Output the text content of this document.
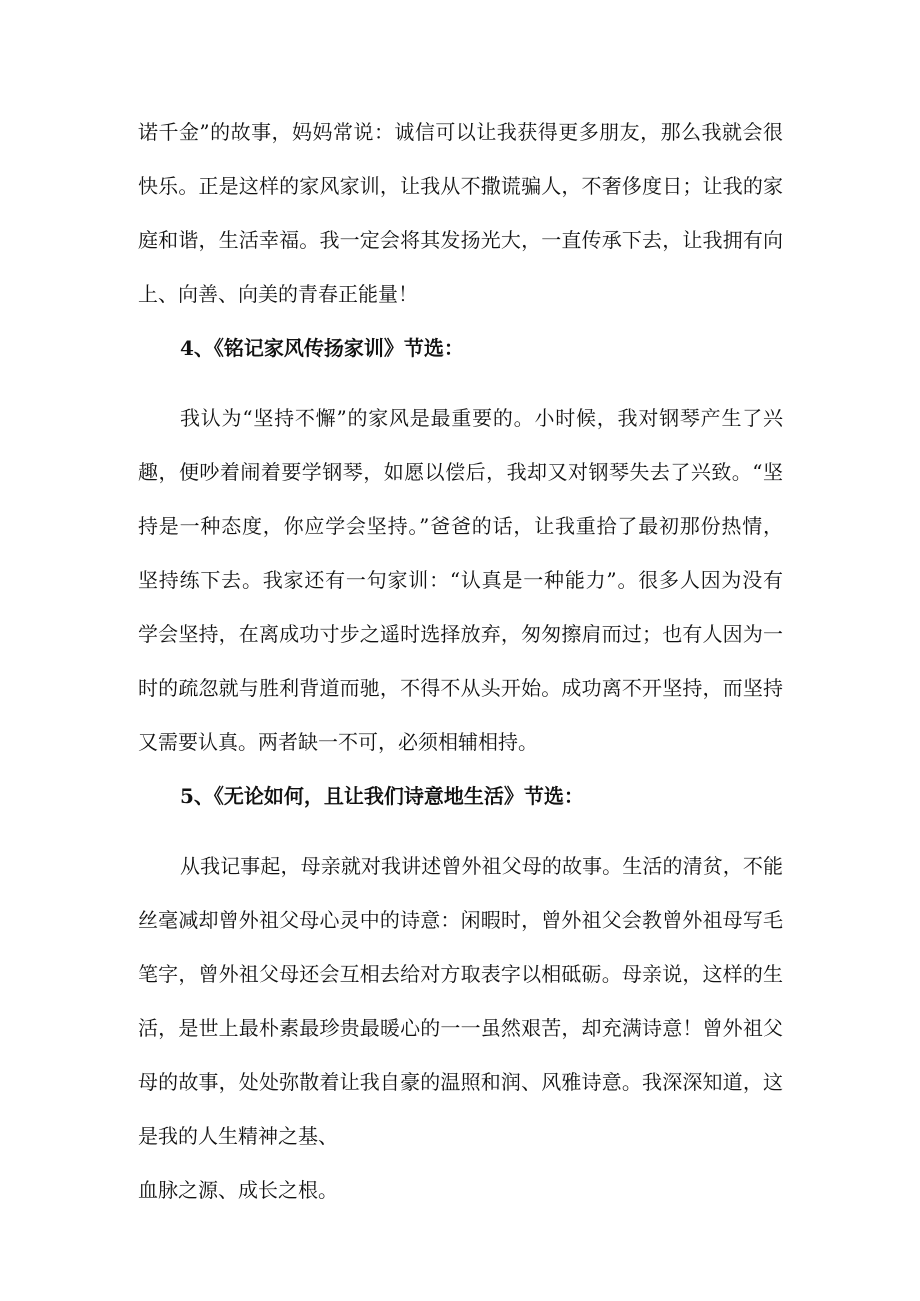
诺千金”的故事，妈妈常说：诚信可以让我获得更多朋友，那么我就会很
快乐。正是这样的家风家训，让我从不撒谎骗人，不奢侈度日；让我的家
庭和谐，生活幸福。我一定会将其发扬光大，一直传承下去，让我拥有向
上、向善、向美的青春正能量！
4、《铭记家风传扬家训》节选：
我认为“坚持不懈”的家风是最重要的。小时候，我对钢琴产生了兴
趣，便吵着闹着要学钢琴，如愿以偿后，我却又对钢琴失去了兴致。“坚
持是一种态度，你应学会坚持。”爸爸的话，让我重拾了最初那份热情，
坚持练下去。我家还有一句家训：“认真是一种能力”。很多人因为没有
学会坚持，在离成功寸步之遥时选择放弃，匆匆擦肩而过；也有人因为一
时的疏忽就与胜利背道而驰，不得不从头开始。成功离不开坚持，而坚持
又需要认真。两者缺一不可，必须相辅相持。
5、《无论如何，且让我们诗意地生活》节选：
从我记事起，母亲就对我讲述曾外祖父母的故事。生活的清贫，不能
丝毫减却曾外祖父母心灵中的诗意：闲暇时，曾外祖父会教曾外祖母写毛
笔字，曾外祖父母还会互相去给对方取表字以相砥砺。母亲说，这样的生
活，是世上最朴素最珍贵最暖心的一一虽然艰苦，却充满诗意！曾外祖父
母的故事，处处弥散着让我自豪的温照和润、风雅诗意。我深深知道，这
是我的人生精神之基、
血脉之源、成长之根。
